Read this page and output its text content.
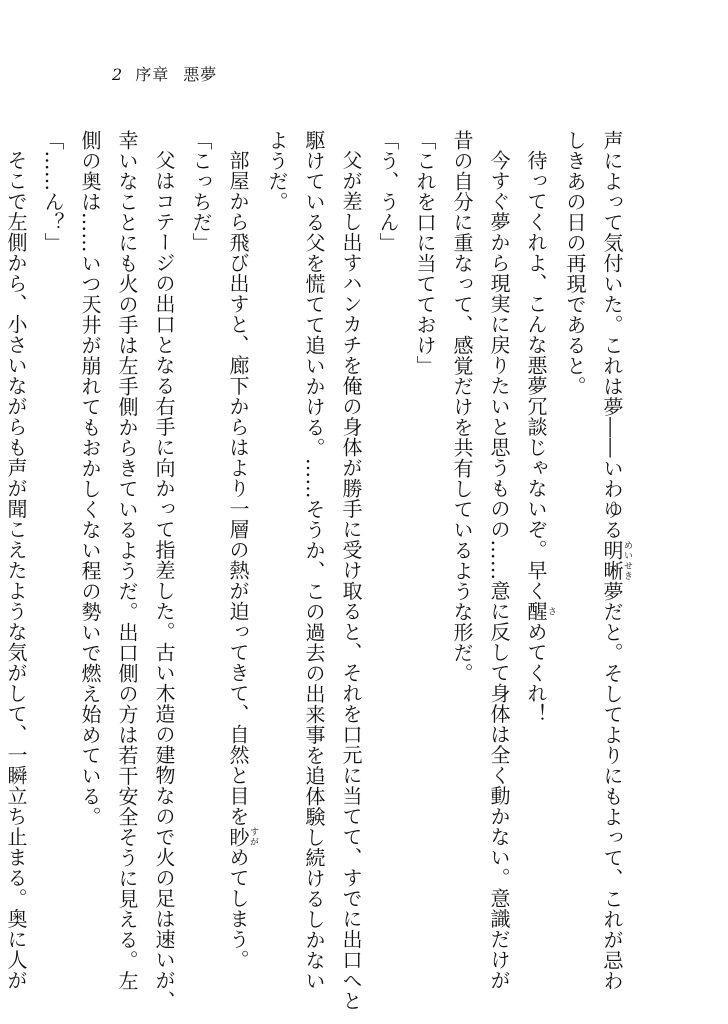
2 序章 悪夢

声によって気付いた。これは夢――いわゆる明晰めいせき夢だと。そしてよりにもよって、これが忌わ

しきあの日の再現であると。

待ってくれよ、こんな悪夢冗談じゃないぞ。早く醒さめてくれ！

今すぐ夢から現実に戻りたいと思うものの……意に反して身体は全く動かない。意識だけが

昔の自分に重なって、感覚だけを共有しているような形だ。

「これを口に当てておけ」

「う、うん」

父が差し出すハンカチを俺の身体が勝手に受け取ると、それを口元に当てて、すでに出口へと

駆けている父を慌てて追いかける。……そうか、この過去の出来事を追体験し続けるしかない

ようだ。

部屋から飛び出すと、廊下からはより一層の熱が迫ってきて、自然と目を眇すがめてしまう。

「こっちだ」

父はコテージの出口となる右手に向かって指差した。古い木造の建物なので火の足は速いが、

幸いなことにも火の手は左手側からきているようだ。出口側の方は若干安全そうに見える。左

側の奥は……いつ天井が崩れてもおかしくない程の勢いで燃え始めている。

「……ん？」

そこで左側から、小さいながらも声が聞こえたような気がして、一瞬立ち止まる。奥に人が
